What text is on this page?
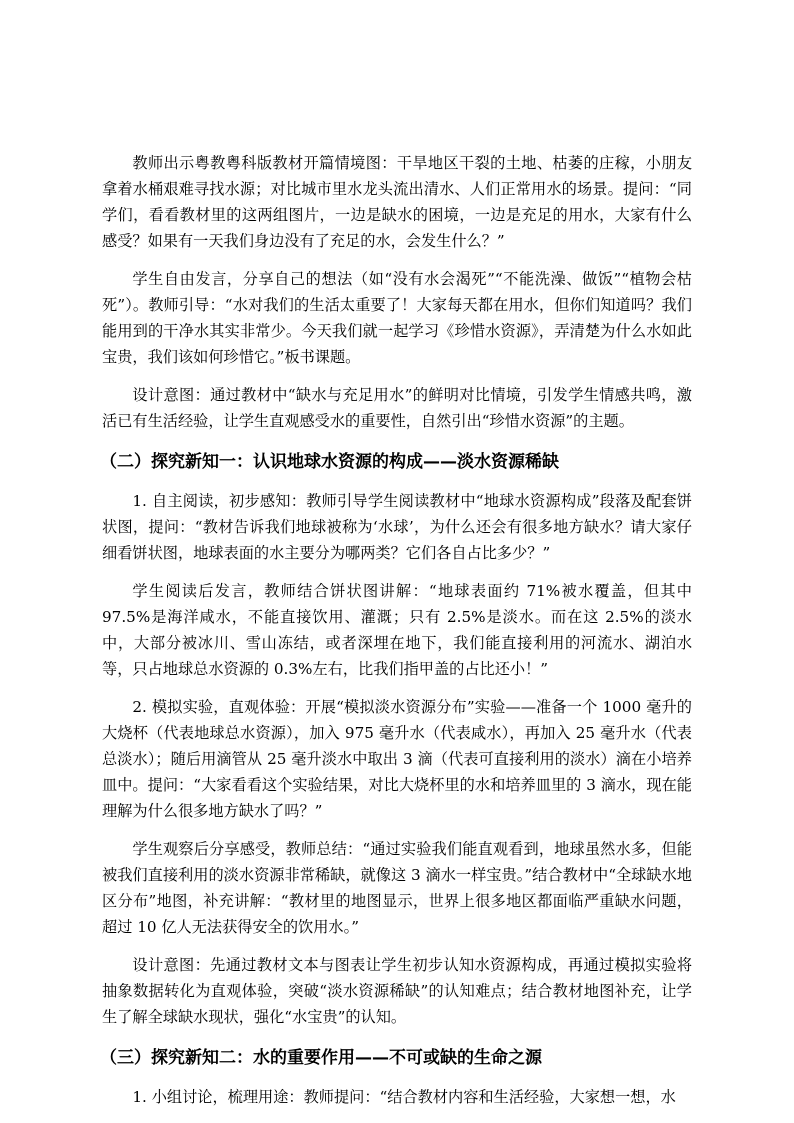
教师出示粤教粤科版教材开篇情境图：干旱地区干裂的土地、枯萎的庄稼，小朋友拿着水桶艰难寻找水源；对比城市里水龙头流出清水、人们正常用水的场景。提问：“同学们，看看教材里的这两组图片，一边是缺水的困境，一边是充足的用水，大家有什么感受？如果有一天我们身边没有了充足的水，会发生什么？”

学生自由发言，分享自己的想法（如“没有水会渴死”“不能洗澡、做饭”“植物会枯死”）。教师引导：“水对我们的生活太重要了！大家每天都在用水，但你们知道吗？我们能用到的干净水其实非常少。今天我们就一起学习《珍惜水资源》，弄清楚为什么水如此宝贵，我们该如何珍惜它。”板书课题。

设计意图：通过教材中“缺水与充足用水”的鲜明对比情境，引发学生情感共鸣，激活已有生活经验，让学生直观感受水的重要性，自然引出“珍惜水资源”的主题。

（二）探究新知一：认识地球水资源的构成——淡水资源稀缺

1. 自主阅读，初步感知：教师引导学生阅读教材中“地球水资源构成”段落及配套饼状图，提问：“教材告诉我们地球被称为‘水球’，为什么还会有很多地方缺水？请大家仔细看饼状图，地球表面的水主要分为哪两类？它们各自占比多少？”

学生阅读后发言，教师结合饼状图讲解：“地球表面约 71%被水覆盖，但其中 97.5%是海洋咸水，不能直接饮用、灌溉；只有 2.5%是淡水。而在这 2.5%的淡水中，大部分被冰川、雪山冻结，或者深埋在地下，我们能直接利用的河流水、湖泊水等，只占地球总水资源的 0.3%左右，比我们指甲盖的占比还小！”

2. 模拟实验，直观体验：开展“模拟淡水资源分布”实验——准备一个 1000 毫升的大烧杯（代表地球总水资源），加入 975 毫升水（代表咸水），再加入 25 毫升水（代表总淡水）；随后用滴管从 25 毫升淡水中取出 3 滴（代表可直接利用的淡水）滴在小培养皿中。提问：“大家看看这个实验结果，对比大烧杯里的水和培养皿里的 3 滴水，现在能理解为什么很多地方缺水了吗？”

学生观察后分享感受，教师总结：“通过实验我们能直观看到，地球虽然水多，但能被我们直接利用的淡水资源非常稀缺，就像这 3 滴水一样宝贵。”结合教材中“全球缺水地区分布”地图，补充讲解：“教材里的地图显示，世界上很多地区都面临严重缺水问题，超过 10 亿人无法获得安全的饮用水。”

设计意图：先通过教材文本与图表让学生初步认知水资源构成，再通过模拟实验将抽象数据转化为直观体验，突破“淡水资源稀缺”的认知难点；结合教材地图补充，让学生了解全球缺水现状，强化“水宝贵”的认知。

（三）探究新知二：水的重要作用——不可或缺的生命之源

1. 小组讨论，梳理用途：教师提问：“结合教材内容和生活经验，大家想一想，水
